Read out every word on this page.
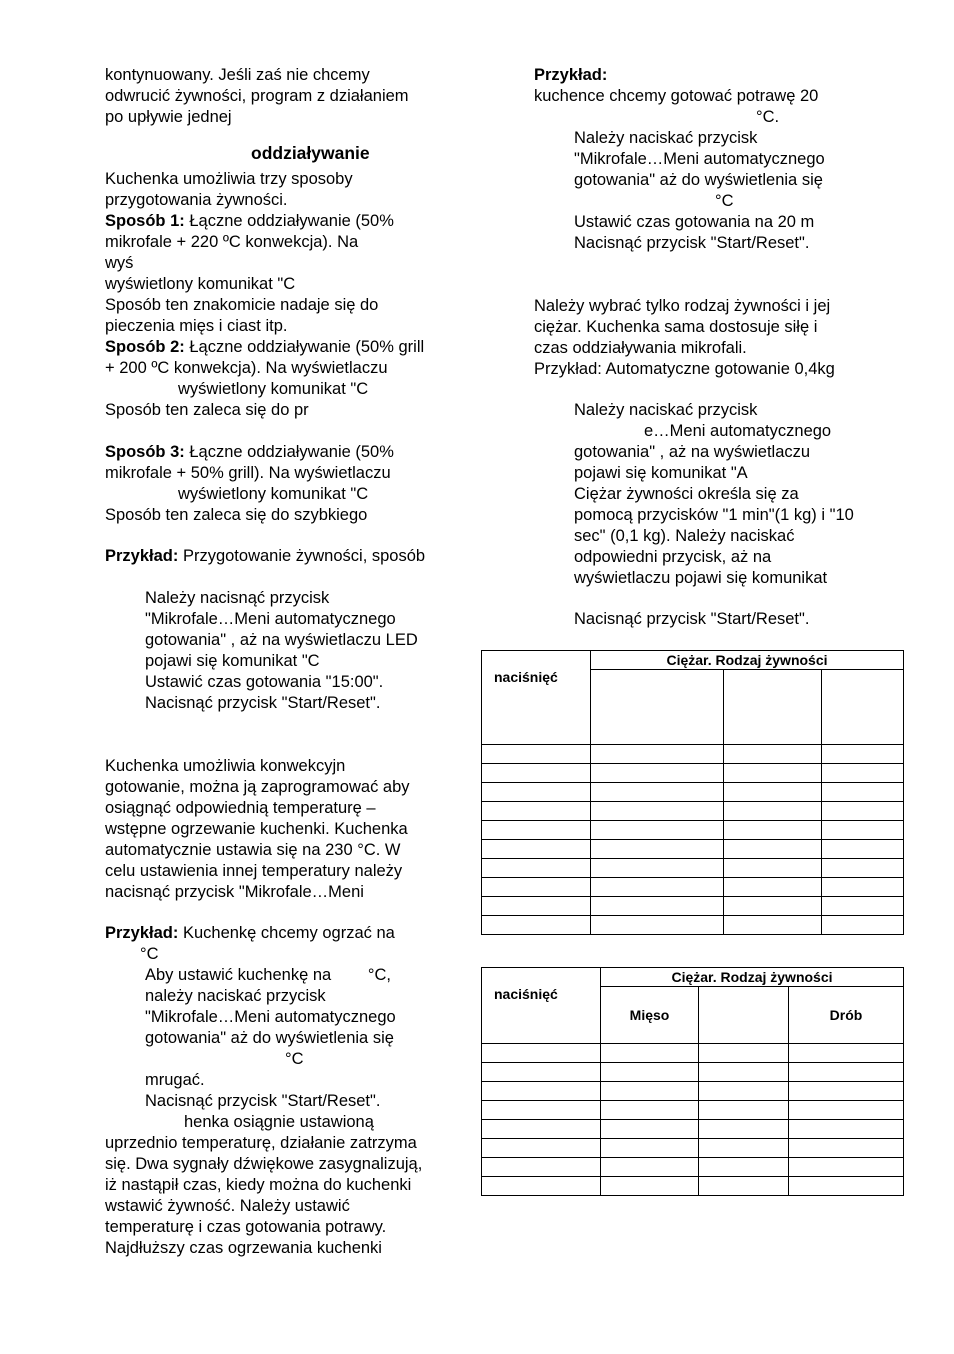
kontynuowany. Jeśli zaś nie chcemy
odwrucić żywności, program z działaniem
po upływie jednej
oddziaływanie
Kuchenka umożliwia trzy sposoby
przygotowania żywności.
Sposób 1: Łączne oddziaływanie (50%
mikrofale + 220 ºC konwekcja). Na
wyś
wyświetlony komunikat "C
Sposób ten znakomicie nadaje się do
pieczenia mięs i ciast itp.
Sposób 2: Łączne oddziaływanie (50% grill
+ 200 ºC konwekcja). Na wyświetlaczu
wyświetlony komunikat "C
Sposób ten zaleca się do pr
Sposób 3: Łączne oddziaływanie (50%
mikrofale + 50% grill). Na wyświetlaczu
wyświetlony komunikat "C
Sposób ten zaleca się do szybkiego
Przykład: Przygotowanie żywności, sposób
Należy nacisnąć przycisk
"Mikrofale…Meni automatycznego
gotowania" , aż na wyświetlaczu LED
pojawi się komunikat "C
Ustawić czas gotowania "15:00".
Nacisnąć przycisk "Start/Reset".
Kuchenka umożliwia konwekcyjn
gotowanie, można ją zaprogramować aby
osiągnąć odpowiednią temperaturę –
wstępne ogrzewanie kuchenki. Kuchenka
automatycznie ustawia się na 230 °C. W
celu ustawienia innej temperatury należy
nacisnąć przycisk "Mikrofale…Meni
Przykład: Kuchenkę chcemy ogrzać na
°C
Aby ustawić kuchenkę na        °C,
należy naciskać przycisk
"Mikrofale…Meni automatycznego
gotowania" aż do wyświetlenia się
°C
mrugać.
Nacisnąć przycisk "Start/Reset".
henka osiągnie ustawioną
uprzednio temperaturę, działanie zatrzyma
się. Dwa sygnały dźwiękowe zasygnalizują,
iż nastąpił czas, kiedy można do kuchenki
wstawić żywność. Należy ustawić
temperaturę i czas gotowania potrawy.
Najdłuższy czas ogrzewania kuchenki
Przykład:
kuchence chcemy gotować potrawę 20
°C.
Należy naciskać przycisk
"Mikrofale…Meni automatycznego
gotowania" aż do wyświetlenia się
°C
Ustawić czas gotowania na 20 m
Nacisnąć przycisk "Start/Reset".
Należy wybrać tylko rodzaj żywności i jej
ciężar. Kuchenka sama dostosuje siłę i
czas oddziaływania mikrofali.
Przykład: Automatyczne gotowanie 0,4kg
Należy naciskać przycisk
e…Meni automatycznego
gotowania" , aż na wyświetlaczu
pojawi się komunikat "A
Ciężar żywności określa się za
pomocą przycisków "1 min"(1 kg) i "10
sec" (0,1 kg). Należy naciskać
odpowiedni przycisk, aż na
wyświetlaczu pojawi się komunikat
Nacisnąć przycisk "Start/Reset".
naciśnięć	Ciężar. Rodzaj żywności		

naciśnięć	Ciężar. Rodzaj żywności		
	Mięso		Drób
